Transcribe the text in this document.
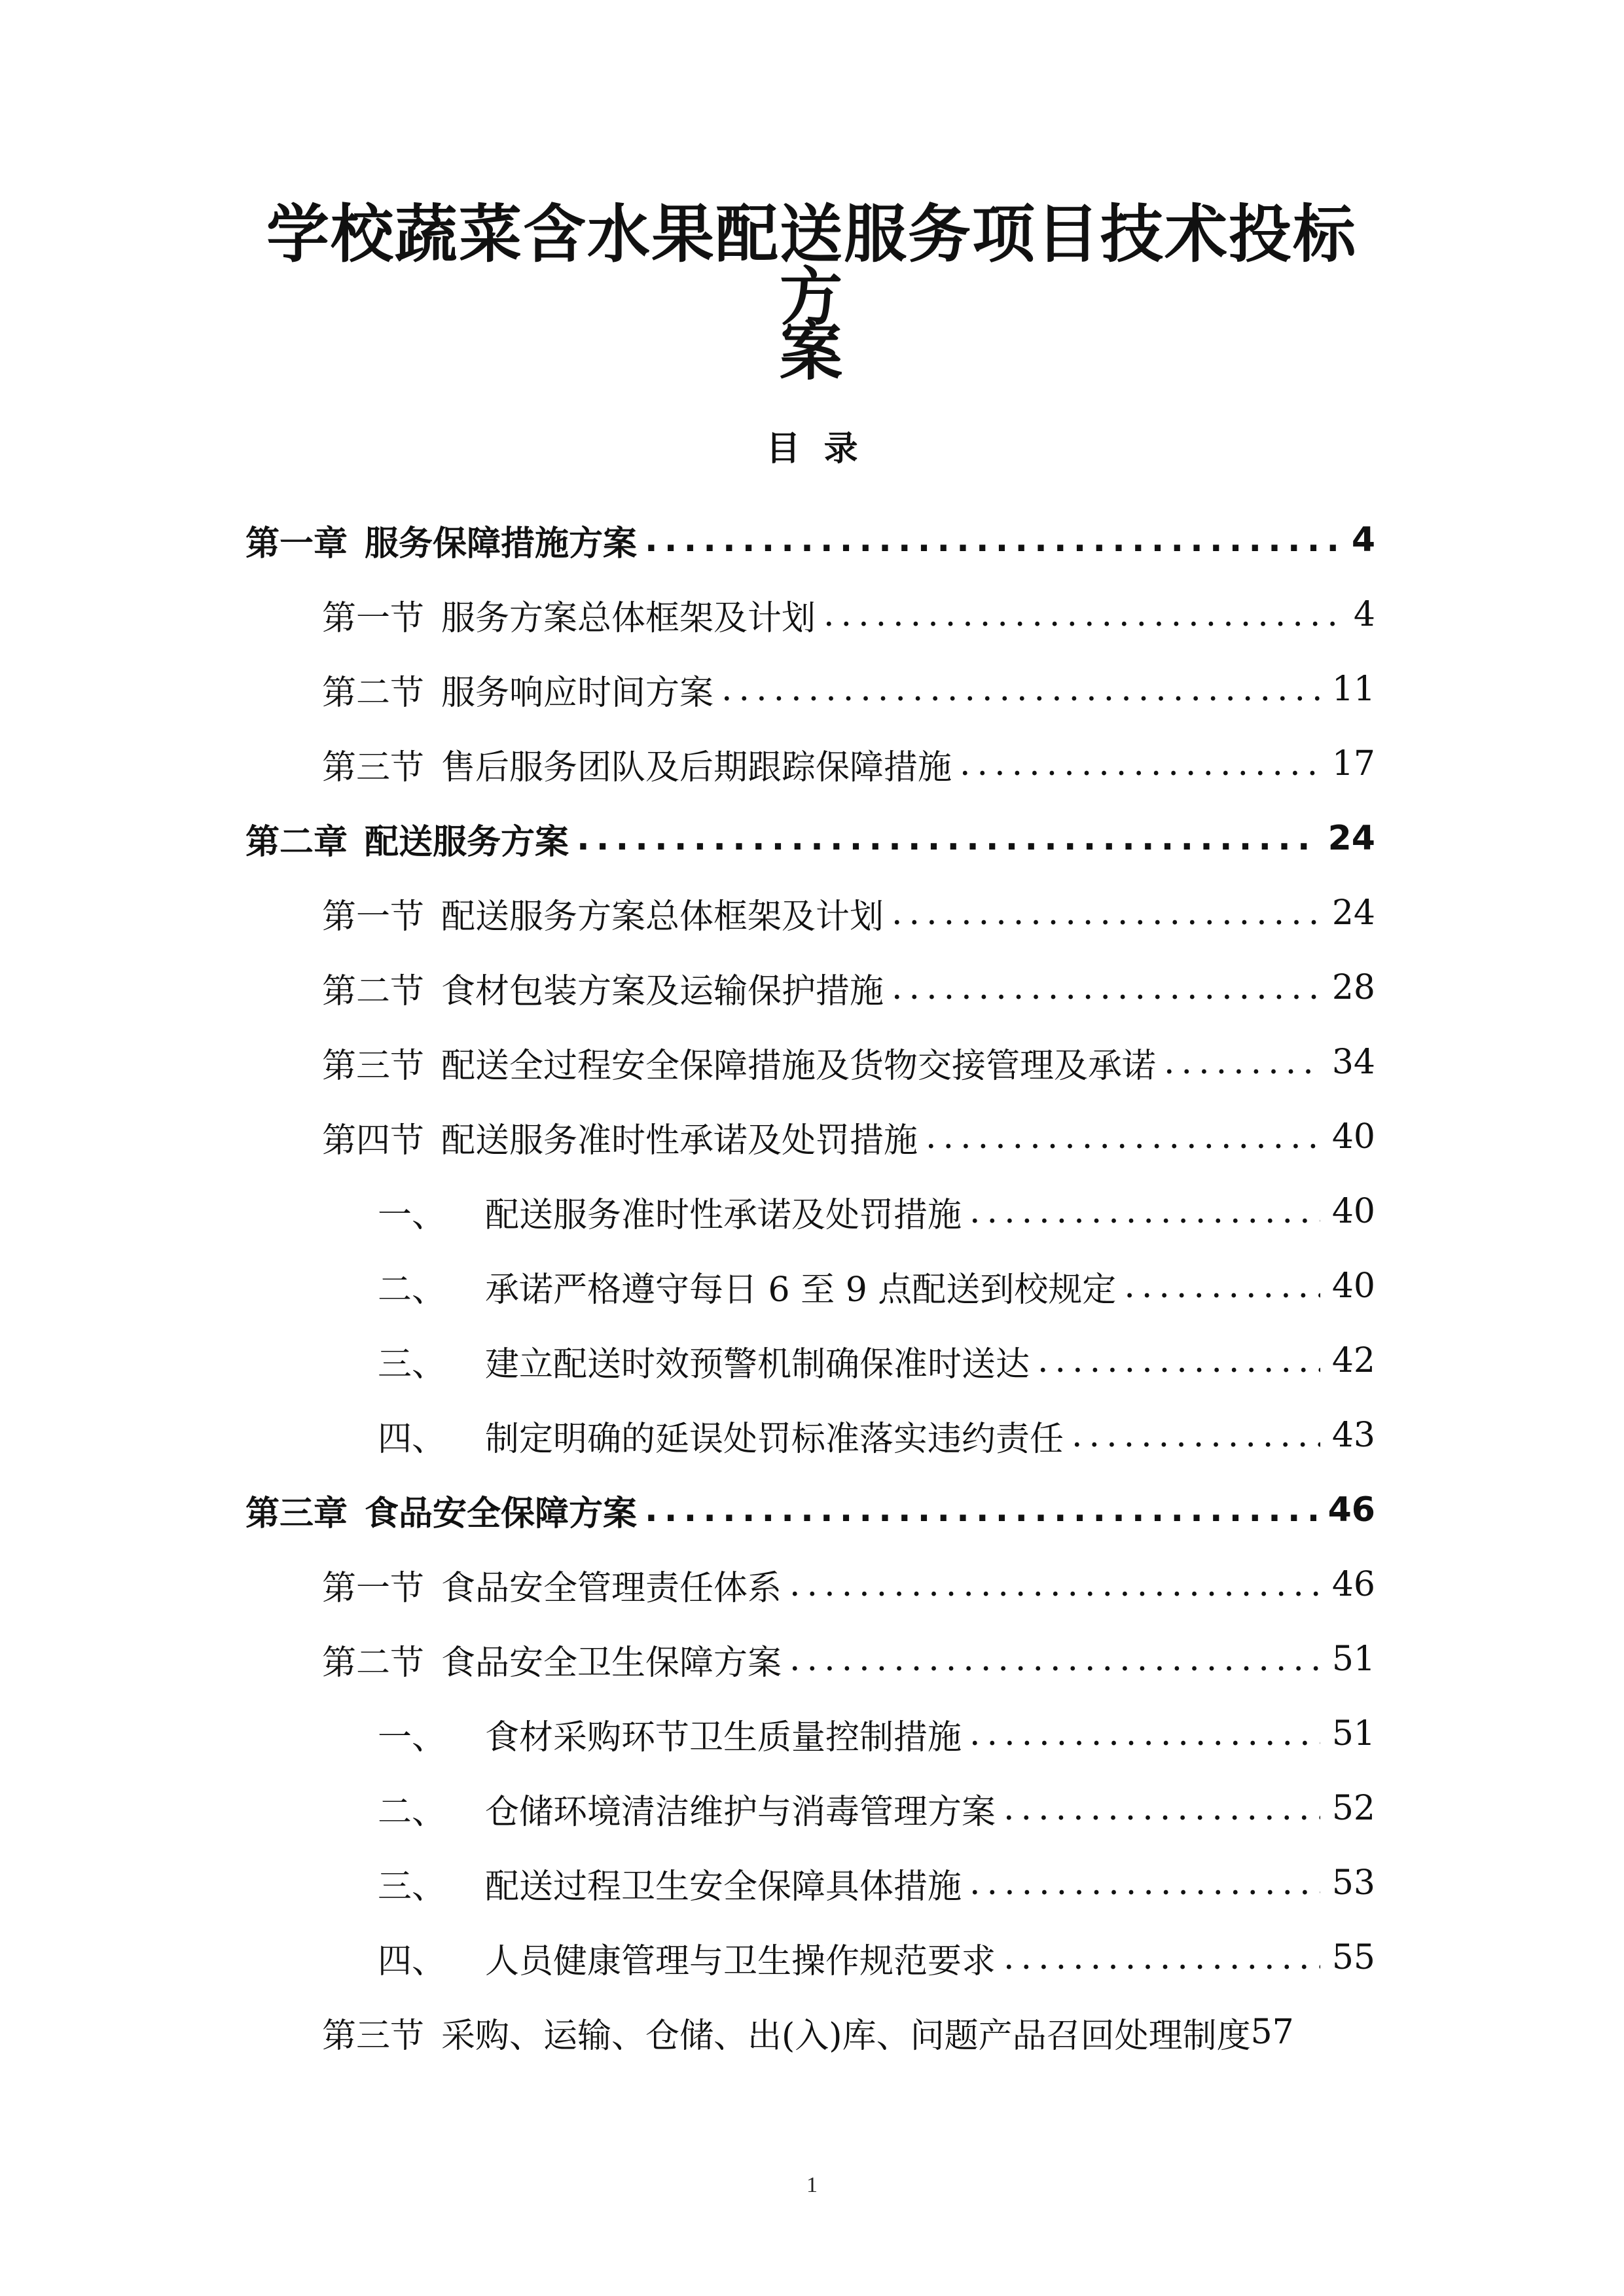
学校蔬菜含水果配送服务项目技术投标方
案
目  录
第一章 服务保障措施方案 .....	4
第一节 服务方案总体框架及计划 .....	4
第二节 服务响应时间方案 .....	11
第三节 售后服务团队及后期跟踪保障措施 .....	17
第二章 配送服务方案 .....	24
第一节 配送服务方案总体框架及计划 .....	24
第二节 食材包装方案及运输保护措施 .....	28
第三节 配送全过程安全保障措施及货物交接管理及承诺 .....	34
第四节 配送服务准时性承诺及处罚措施 .....	40
一、 配送服务准时性承诺及处罚措施 .....	40
二、 承诺严格遵守每日 6 至 9 点配送到校规定 .....	40
三、 建立配送时效预警机制确保准时送达 .....	42
四、 制定明确的延误处罚标准落实违约责任 .....	43
第三章 食品安全保障方案 .....	46
第一节 食品安全管理责任体系 .....	46
第二节 食品安全卫生保障方案 .....	51
一、 食材采购环节卫生质量控制措施 .....	51
二、 仓储环境清洁维护与消毒管理方案 .....	52
三、 配送过程卫生安全保障具体措施 .....	53
四、 人员健康管理与卫生操作规范要求 .....	55
第三节 采购、运输、仓储、出(入)库、问题产品召回处理制度 57
1
